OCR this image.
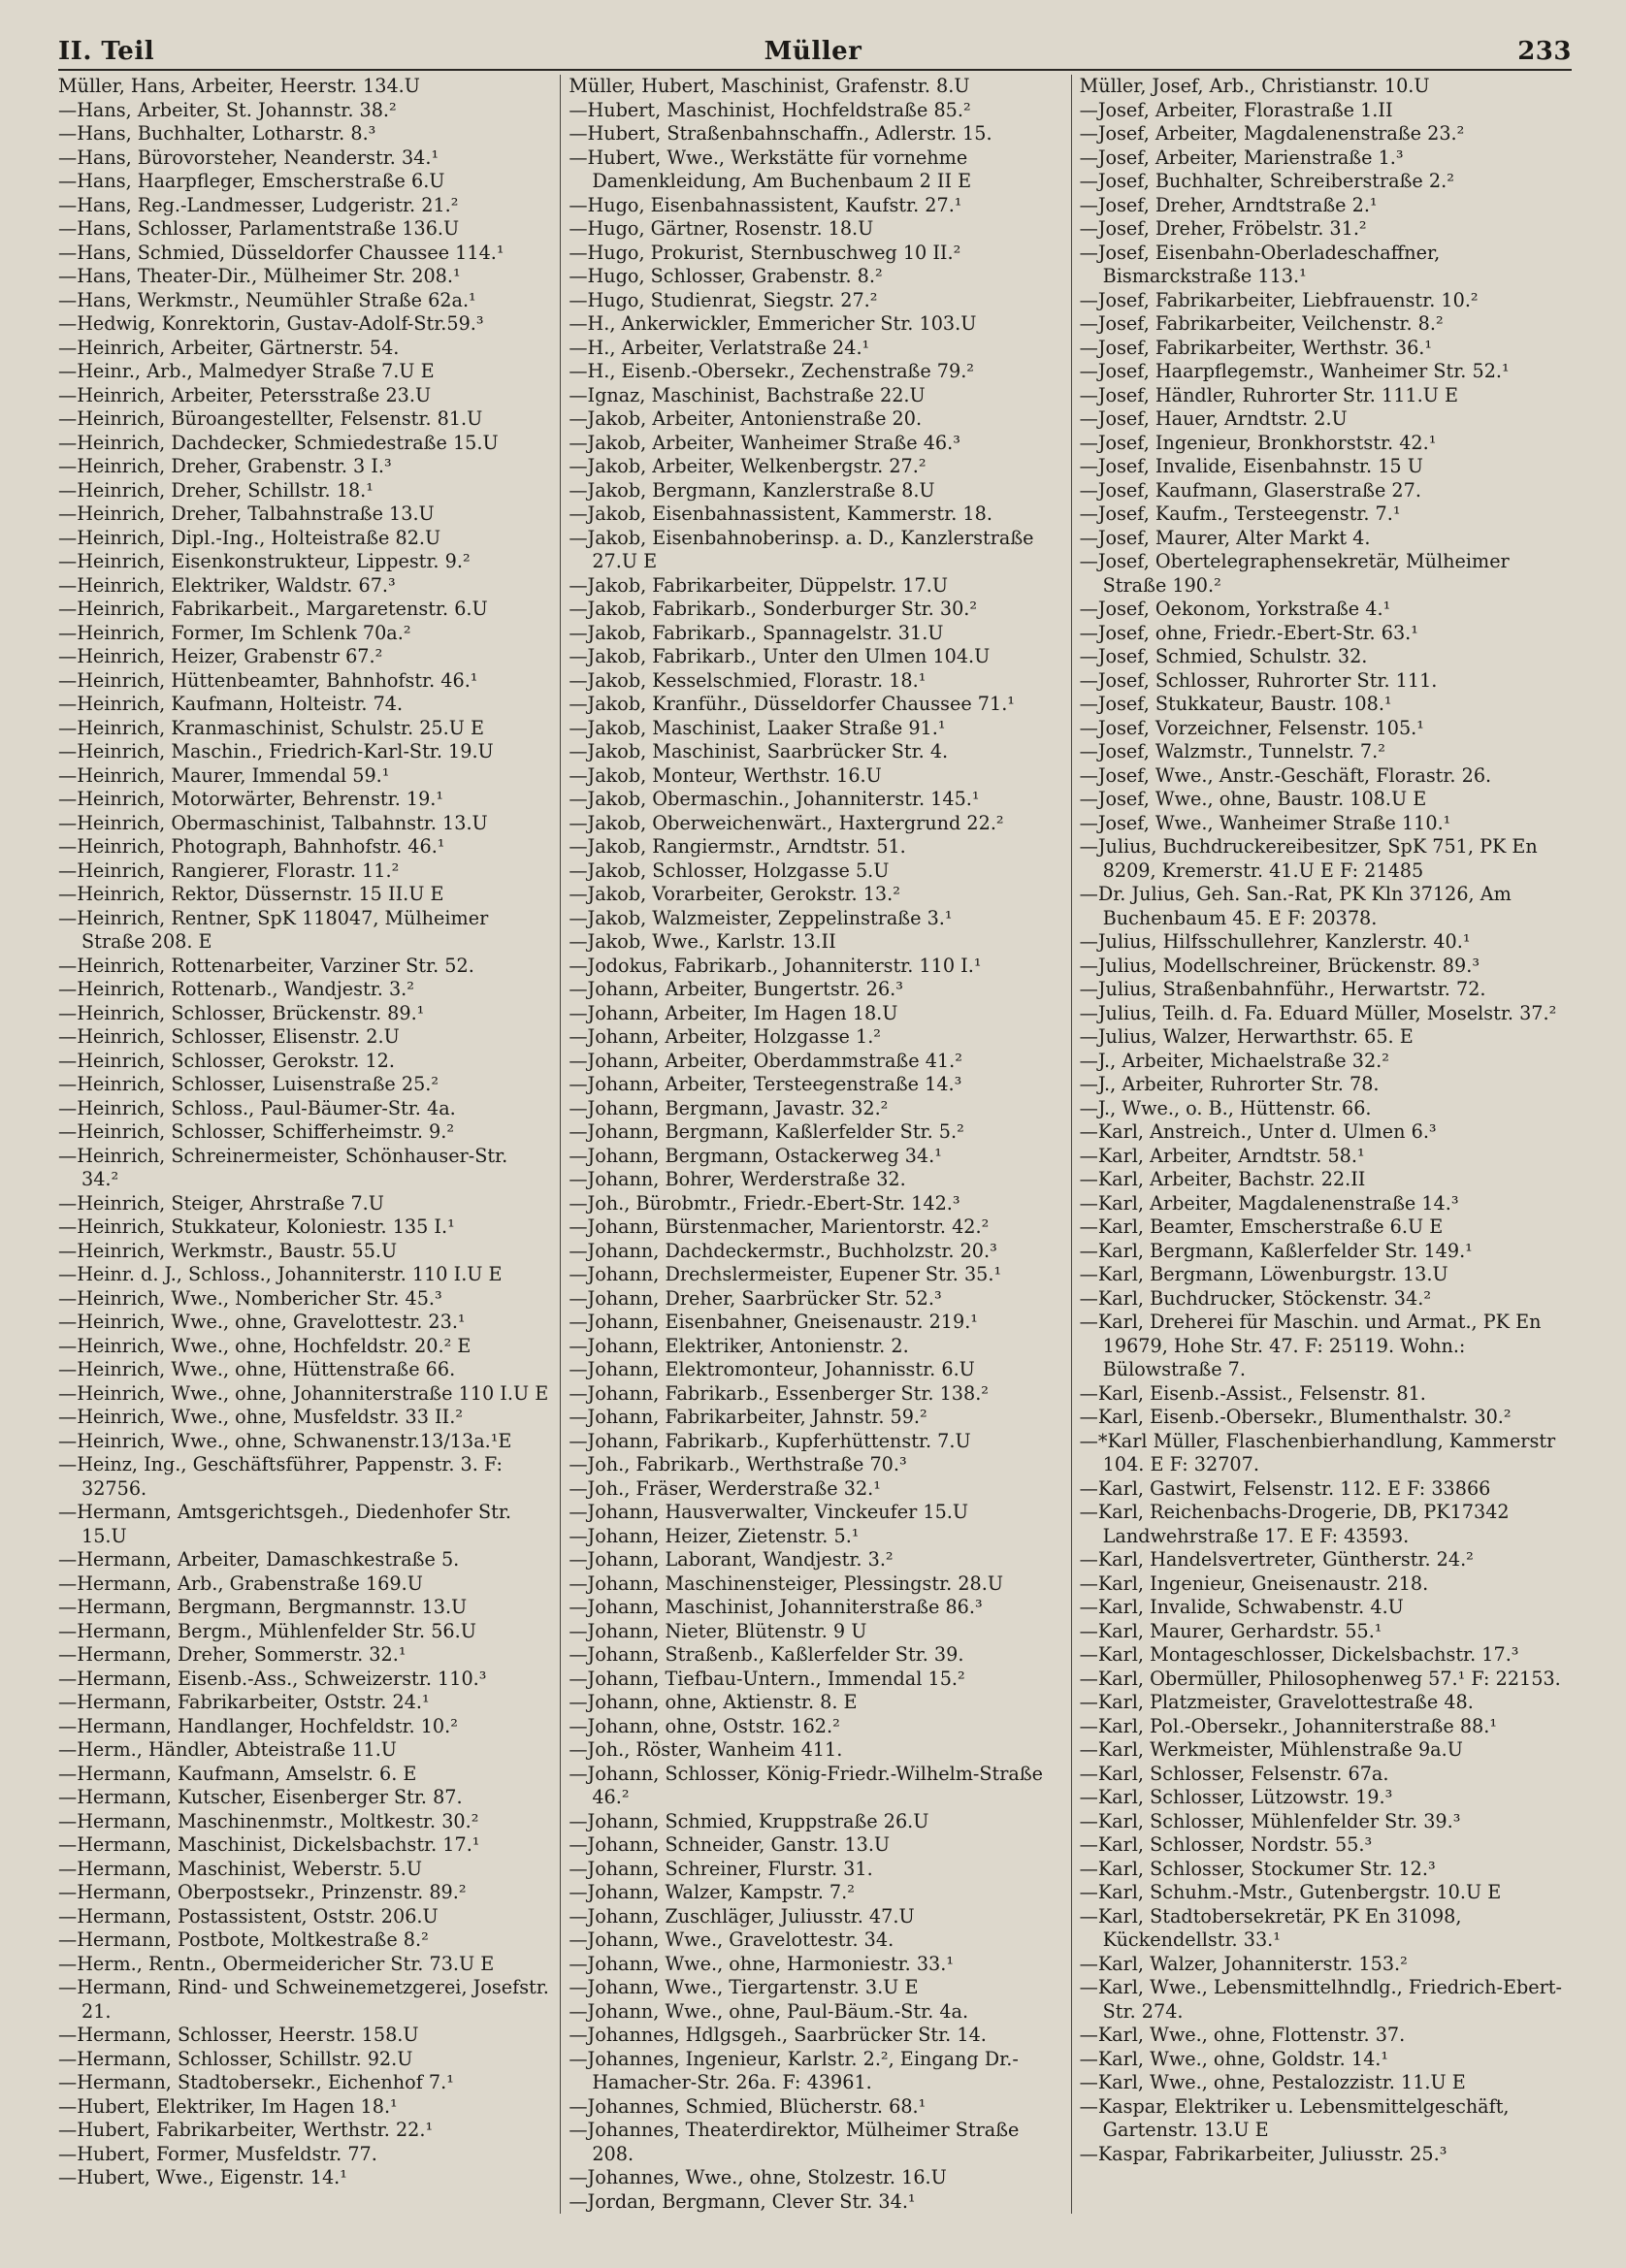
II. Teil	Müller	233
Müller, Hans, Arbeiter, Heerstr. 134.U
—Hans, Arbeiter, St. Johannstr. 38.²
—Hans, Buchhalter, Lotharstr. 8.³
—Hans, Bürovorsteher, Neanderstr. 34.¹
—Hans, Haarpfleger, Emscherstraße 6.U
—Hans, Reg.-Landmesser, Ludgeristr. 21.²
—Hans, Schlosser, Parlamentstraße 136.U
—Hans, Schmied, Düsseldorfer Chaussee 114.¹
—Hans, Theater-Dir., Mülheimer Str. 208.¹
—Hans, Werkmstr., Neumühler Straße 62a.¹
—Hedwig, Konrektorin, Gustav-Adolf-Str.59.³
—Heinrich, Arbeiter, Gärtnerstr. 54.
—Heinr., Arb., Malmedyer Straße 7.U E
—Heinrich, Arbeiter, Petersstraße 23.U
—Heinrich, Büroangestellter, Felsenstr. 81.U
—Heinrich, Dachdecker, Schmiedestraße 15.U
—Heinrich, Dreher, Grabenstr. 3 I.³
—Heinrich, Dreher, Schillstr. 18.¹
—Heinrich, Dreher, Talbahnstraße 13.U
—Heinrich, Dipl.-Ing., Holteistraße 82.U
—Heinrich, Eisenkonstrukteur, Lippestr. 9.²
—Heinrich, Elektriker, Waldstr. 67.³
—Heinrich, Fabrikarbeit., Margaretenstr. 6.U
—Heinrich, Former, Im Schlenk 70a.²
—Heinrich, Heizer, Grabenstr 67.²
—Heinrich, Hüttenbeamter, Bahnhofstr. 46.¹
—Heinrich, Kaufmann, Holteistr. 74.
—Heinrich, Kranmaschinist, Schulstr. 25.U E
—Heinrich, Maschin., Friedrich-Karl-Str. 19.U
—Heinrich, Maurer, Immendal 59.¹
—Heinrich, Motorwärter, Behrenstr. 19.¹
—Heinrich, Obermaschinist, Talbahnstr. 13.U
—Heinrich, Photograph, Bahnhofstr. 46.¹
—Heinrich, Rangierer, Florastr. 11.²
—Heinrich, Rektor, Düssernstr. 15 II.U E
—Heinrich, Rentner, SpK 118047, Mülheimer Straße 208. E
—Heinrich, Rottenarbeiter, Varziner Str. 52.
—Heinrich, Rottenarb., Wandjestr. 3.²
—Heinrich, Schlosser, Brückenstr. 89.¹
—Heinrich, Schlosser, Elisenstr. 2.U
—Heinrich, Schlosser, Gerokstr. 12.
—Heinrich, Schlosser, Luisenstraße 25.²
—Heinrich, Schloss., Paul-Bäumer-Str. 4a.
—Heinrich, Schlosser, Schifferheimstr. 9.²
—Heinrich, Schreinermeister, Schönhauser-Str. 34.²
—Heinrich, Steiger, Ahrstraße 7.U
—Heinrich, Stukkateur, Koloniestr. 135 I.¹
—Heinrich, Werkmstr., Baustr. 55.U
—Heinr. d. J., Schloss., Johanniterstr. 110 I.U E
—Heinrich, Wwe., Nombericher Str. 45.³
—Heinrich, Wwe., ohne, Gravelottestr. 23.¹
—Heinrich, Wwe., ohne, Hochfeldstr. 20.² E
—Heinrich, Wwe., ohne, Hüttenstraße 66.
—Heinrich, Wwe., ohne, Johanniterstraße 110 I.U E
—Heinrich, Wwe., ohne, Musfeldstr. 33 II.²
—Heinrich, Wwe., ohne, Schwanenstr.13/13a.¹E
—Heinz, Ing., Geschäftsführer, Pappenstr. 3. F: 32756.
—Hermann, Amtsgerichtsgeh., Diedenhofer Str. 15.U
—Hermann, Arbeiter, Damaschkestraße 5.
—Hermann, Arb., Grabenstraße 169.U
—Hermann, Bergmann, Bergmannstr. 13.U
—Hermann, Bergm., Mühlenfelder Str. 56.U
—Hermann, Dreher, Sommerstr. 32.¹
—Hermann, Eisenb.-Ass., Schweizerstr. 110.³
—Hermann, Fabrikarbeiter, Oststr. 24.¹
—Hermann, Handlanger, Hochfeldstr. 10.²
—Herm., Händler, Abteistraße 11.U
—Hermann, Kaufmann, Amselstr. 6. E
—Hermann, Kutscher, Eisenberger Str. 87.
—Hermann, Maschinenmstr., Moltkestr. 30.²
—Hermann, Maschinist, Dickelsbachstr. 17.¹
—Hermann, Maschinist, Weberstr. 5.U
—Hermann, Oberpostsekr., Prinzenstr. 89.²
—Hermann, Postassistent, Oststr. 206.U
—Hermann, Postbote, Moltkestraße 8.²
—Herm., Rentn., Obermeidericher Str. 73.U E
—Hermann, Rind- und Schweinemetzgerei, Josefstr. 21.
—Hermann, Schlosser, Heerstr. 158.U
—Hermann, Schlosser, Schillstr. 92.U
—Hermann, Stadtobersekr., Eichenhof 7.¹
—Hubert, Elektriker, Im Hagen 18.¹
—Hubert, Fabrikarbeiter, Werthstr. 22.¹
—Hubert, Former, Musfeldstr. 77.
—Hubert, Wwe., Eigenstr. 14.¹
Müller, Hubert, Maschinist, Grafenstr. 8.U
—Hubert, Maschinist, Hochfeldstraße 85.²
—Hubert, Straßenbahnschaffn., Adlerstr. 15.
—Hubert, Wwe., Werkstätte für vornehme Damenkleidung, Am Buchenbaum 2 II E
—Hugo, Eisenbahnassistent, Kaufstr. 27.¹
—Hugo, Gärtner, Rosenstr. 18.U
—Hugo, Prokurist, Sternbuschweg 10 II.²
—Hugo, Schlosser, Grabenstr. 8.²
—Hugo, Studienrat, Siegstr. 27.²
—H., Ankerwickler, Emmericher Str. 103.U
—H., Arbeiter, Verlatstraße 24.¹
—H., Eisenb.-Obersekr., Zechenstraße 79.²
—Ignaz, Maschinist, Bachstraße 22.U
—Jakob, Arbeiter, Antonienstraße 20.
—Jakob, Arbeiter, Wanheimer Straße 46.³
—Jakob, Arbeiter, Welkenbergstr. 27.²
—Jakob, Bergmann, Kanzlerstraße 8.U
—Jakob, Eisenbahnassistent, Kammerstr. 18.
—Jakob, Eisenbahnoberinsp. a. D., Kanzlerstraße 27.U E
—Jakob, Fabrikarbeiter, Düppelstr. 17.U
—Jakob, Fabrikarb., Sonderburger Str. 30.²
—Jakob, Fabrikarb., Spannagelstr. 31.U
—Jakob, Fabrikarb., Unter den Ulmen 104.U
—Jakob, Kesselschmied, Florastr. 18.¹
—Jakob, Kranführ., Düsseldorfer Chaussee 71.¹
—Jakob, Maschinist, Laaker Straße 91.¹
—Jakob, Maschinist, Saarbrücker Str. 4.
—Jakob, Monteur, Werthstr. 16.U
—Jakob, Obermaschin., Johanniterstr. 145.¹
—Jakob, Oberweichenwärt., Haxtergrund 22.²
—Jakob, Rangiermstr., Arndtstr. 51.
—Jakob, Schlosser, Holzgasse 5.U
—Jakob, Vorarbeiter, Gerokstr. 13.²
—Jakob, Walzmeister, Zeppelinstraße 3.¹
—Jakob, Wwe., Karlstr. 13.II
—Jodokus, Fabrikarb., Johanniterstr. 110 I.¹
—Johann, Arbeiter, Bungertstr. 26.³
—Johann, Arbeiter, Im Hagen 18.U
—Johann, Arbeiter, Holzgasse 1.²
—Johann, Arbeiter, Oberdammstraße 41.²
—Johann, Arbeiter, Tersteegenstraße 14.³
—Johann, Bergmann, Javastr. 32.²
—Johann, Bergmann, Kaßlerfelder Str. 5.²
—Johann, Bergmann, Ostackerweg 34.¹
—Johann, Bohrer, Werderstraße 32.
—Joh., Bürobmtr., Friedr.-Ebert-Str. 142.³
—Johann, Bürstenmacher, Marientorstr. 42.²
—Johann, Dachdeckermstr., Buchholzstr. 20.³
—Johann, Drechslermeister, Eupener Str. 35.¹
—Johann, Dreher, Saarbrücker Str. 52.³
—Johann, Eisenbahner, Gneisenaustr. 219.¹
—Johann, Elektriker, Antonienstr. 2.
—Johann, Elektromonteur, Johannisstr. 6.U
—Johann, Fabrikarb., Essenberger Str. 138.²
—Johann, Fabrikarbeiter, Jahnstr. 59.²
—Johann, Fabrikarb., Kupferhüttenstr. 7.U
—Joh., Fabrikarb., Werthstraße 70.³
—Joh., Fräser, Werderstraße 32.¹
—Johann, Hausverwalter, Vinckeufer 15.U
—Johann, Heizer, Zietenstr. 5.¹
—Johann, Laborant, Wandjestr. 3.²
—Johann, Maschinensteiger, Plessingstr. 28.U
—Johann, Maschinist, Johanniterstraße 86.³
—Johann, Nieter, Blütenstr. 9 U
—Johann, Straßenb., Kaßlerfelder Str. 39.
—Johann, Tiefbau-Untern., Immendal 15.²
—Johann, ohne, Aktienstr. 8. E
—Johann, ohne, Oststr. 162.²
—Joh., Röster, Wanheim 411.
—Johann, Schlosser, König-Friedr.-Wilhelm-Straße 46.²
—Johann, Schmied, Kruppstraße 26.U
—Johann, Schneider, Ganstr. 13.U
—Johann, Schreiner, Flurstr. 31.
—Johann, Walzer, Kampstr. 7.²
—Johann, Zuschläger, Juliusstr. 47.U
—Johann, Wwe., Gravelottestr. 34.
—Johann, Wwe., ohne, Harmoniestr. 33.¹
—Johann, Wwe., Tiergartenstr. 3.U E
—Johann, Wwe., ohne, Paul-Bäum.-Str. 4a.
—Johannes, Hdlgsgeh., Saarbrücker Str. 14.
—Johannes, Ingenieur, Karlstr. 2.², Eingang Dr.-Hamacher-Str. 26a. F: 43961.
—Johannes, Schmied, Blücherstr. 68.¹
—Johannes, Theaterdirektor, Mülheimer Straße 208.
—Johannes, Wwe., ohne, Stolzestr. 16.U
—Jordan, Bergmann, Clever Str. 34.¹
Müller, Josef, Arb., Christianstr. 10.U
—Josef, Arbeiter, Florastraße 1.II
—Josef, Arbeiter, Magdalenenstraße 23.²
—Josef, Arbeiter, Marienstraße 1.³
—Josef, Buchhalter, Schreiberstraße 2.²
—Josef, Dreher, Arndtstraße 2.¹
—Josef, Dreher, Fröbelstr. 31.²
—Josef, Eisenbahn-Oberladeschaffner, Bismarckstraße 113.¹
—Josef, Fabrikarbeiter, Liebfrauenstr. 10.²
—Josef, Fabrikarbeiter, Veilchenstr. 8.²
—Josef, Fabrikarbeiter, Werthstr. 36.¹
—Josef, Haarpflegemstr., Wanheimer Str. 52.¹
—Josef, Händler, Ruhrorter Str. 111.U E
—Josef, Hauer, Arndtstr. 2.U
—Josef, Ingenieur, Bronkhorststr. 42.¹
—Josef, Invalide, Eisenbahnstr. 15 U
—Josef, Kaufmann, Glaserstraße 27.
—Josef, Kaufm., Tersteegenstr. 7.¹
—Josef, Maurer, Alter Markt 4.
—Josef, Obertelegraphensekretär, Mülheimer Straße 190.²
—Josef, Oekonom, Yorkstraße 4.¹
—Josef, ohne, Friedr.-Ebert-Str. 63.¹
—Josef, Schmied, Schulstr. 32.
—Josef, Schlosser, Ruhrorter Str. 111.
—Josef, Stukkateur, Baustr. 108.¹
—Josef, Vorzeichner, Felsenstr. 105.¹
—Josef, Walzmstr., Tunnelstr. 7.²
—Josef, Wwe., Anstr.-Geschäft, Florastr. 26.
—Josef, Wwe., ohne, Baustr. 108.U E
—Josef, Wwe., Wanheimer Straße 110.¹
—Julius, Buchdruckereibesitzer, SpK 751, PK En 8209, Kremerstr. 41.U E F: 21485
—Dr. Julius, Geh. San.-Rat, PK Kln 37126, Am Buchenbaum 45. E F: 20378.
—Julius, Hilfsschullehrer, Kanzlerstr. 40.¹
—Julius, Modellschreiner, Brückenstr. 89.³
—Julius, Straßenbahnführ., Herwartstr. 72.
—Julius, Teilh. d. Fa. Eduard Müller, Moselstr. 37.²
—Julius, Walzer, Herwarthstr. 65. E
—J., Arbeiter, Michaelstraße 32.²
—J., Arbeiter, Ruhrorter Str. 78.
—J., Wwe., o. B., Hüttenstr. 66.
—Karl, Anstreich., Unter d. Ulmen 6.³
—Karl, Arbeiter, Arndtstr. 58.¹
—Karl, Arbeiter, Bachstr. 22.II
—Karl, Arbeiter, Magdalenenstraße 14.³
—Karl, Beamter, Emscherstraße 6.U E
—Karl, Bergmann, Kaßlerfelder Str. 149.¹
—Karl, Bergmann, Löwenburgstr. 13.U
—Karl, Buchdrucker, Stöckenstr. 34.²
—Karl, Dreherei für Maschin. und Armat., PK En 19679, Hohe Str. 47. F: 25119. Wohn.: Bülowstraße 7.
—Karl, Eisenb.-Assist., Felsenstr. 81.
—Karl, Eisenb.-Obersekr., Blumenthalstr. 30.²
—*Karl Müller, Flaschenbierhandlung, Kammerstr 104. E F: 32707.
—Karl, Gastwirt, Felsenstr. 112. E F: 33866
—Karl, Reichenbachs-Drogerie, DB, PK17342 Landwehrstraße 17. E F: 43593.
—Karl, Handelsvertreter, Güntherstr. 24.²
—Karl, Ingenieur, Gneisenaustr. 218.
—Karl, Invalide, Schwabenstr. 4.U
—Karl, Maurer, Gerhardstr. 55.¹
—Karl, Montageschlosser, Dickelsbachstr. 17.³
—Karl, Obermüller, Philosophenweg 57.¹ F: 22153.
—Karl, Platzmeister, Gravelottestraße 48.
—Karl, Pol.-Obersekr., Johanniterstraße 88.¹
—Karl, Werkmeister, Mühlenstraße 9a.U
—Karl, Schlosser, Felsenstr. 67a.
—Karl, Schlosser, Lützowstr. 19.³
—Karl, Schlosser, Mühlenfelder Str. 39.³
—Karl, Schlosser, Nordstr. 55.³
—Karl, Schlosser, Stockumer Str. 12.³
—Karl, Schuhm.-Mstr., Gutenbergstr. 10.U E
—Karl, Stadtobersekretär, PK En 31098, Kückendellstr. 33.¹
—Karl, Walzer, Johanniterstr. 153.²
—Karl, Wwe., Lebensmittelhndlg., Friedrich-Ebert-Str. 274.
—Karl, Wwe., ohne, Flottenstr. 37.
—Karl, Wwe., ohne, Goldstr. 14.¹
—Karl, Wwe., ohne, Pestalozzistr. 11.U E
—Kaspar, Elektriker u. Lebensmittelgeschäft, Gartenstr. 13.U E
—Kaspar, Fabrikarbeiter, Juliusstr. 25.³
